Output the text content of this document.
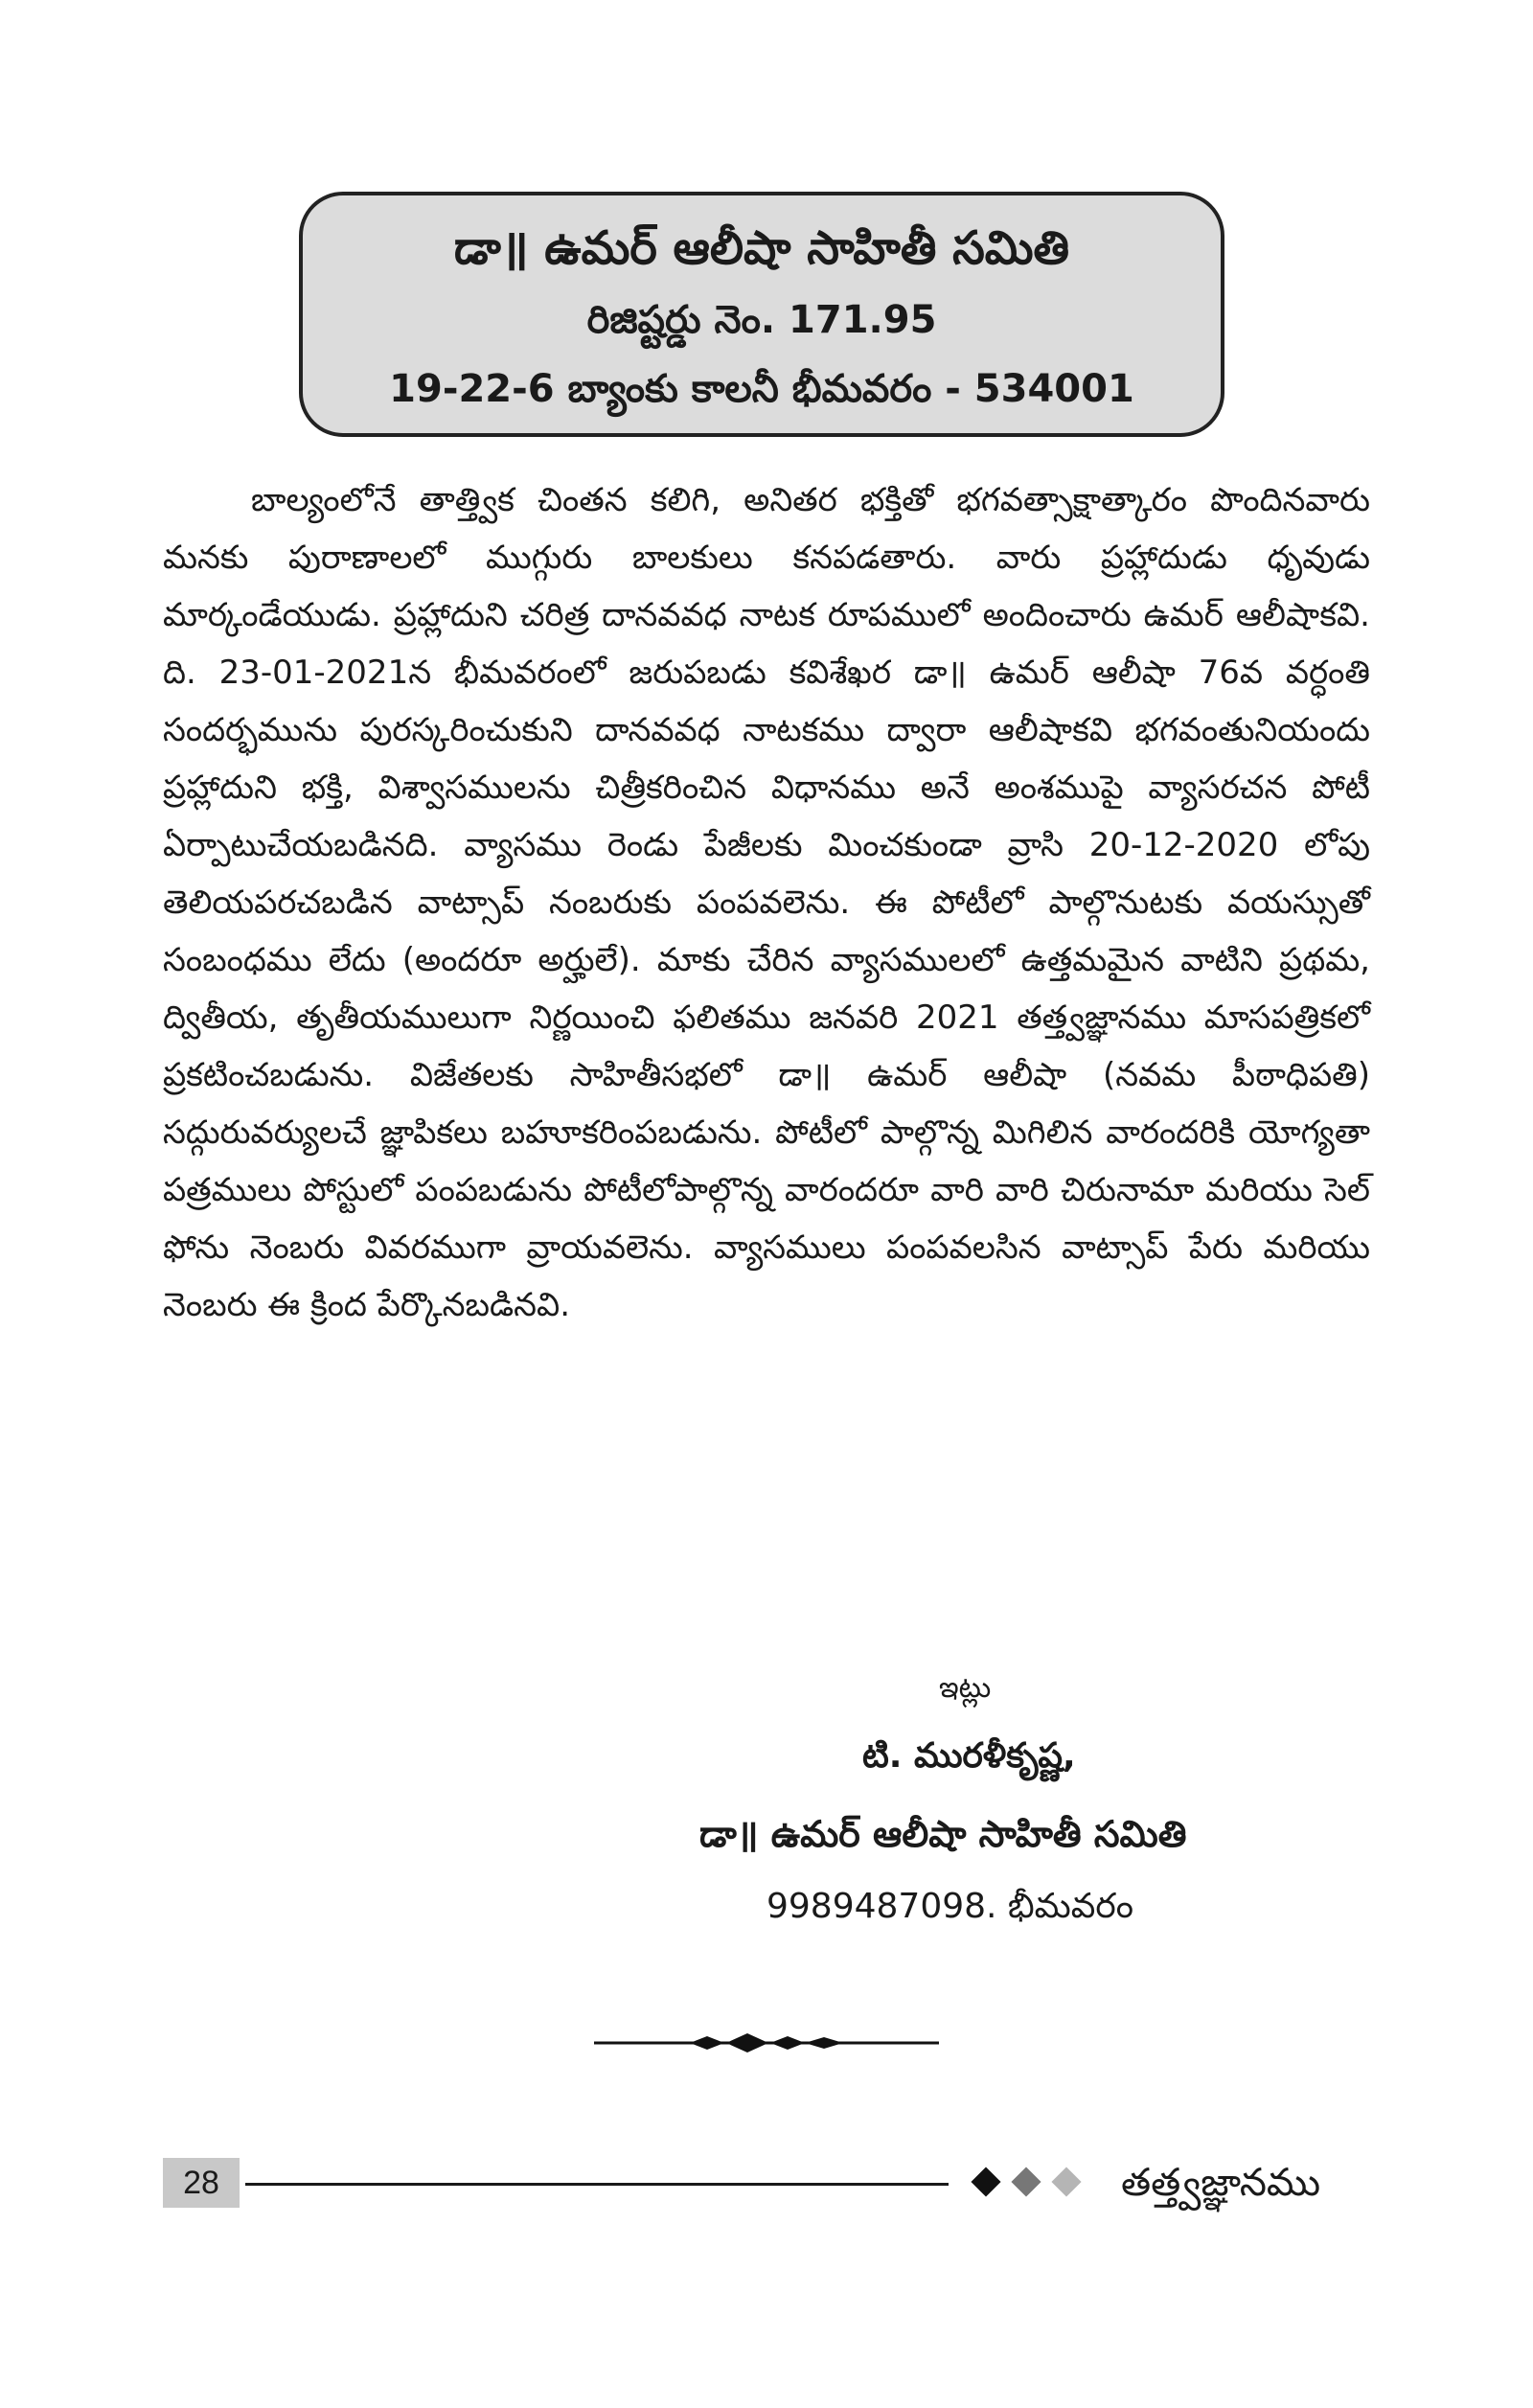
డా॥ ఉమర్ ఆలీషా సాహితీ సమితి
రిజిష్టర్డు నెం. 171.95
19-22-6 బ్యాంకు కాలనీ భీమవరం - 534001

బాల్యంలోనే తాత్త్విక చింతన కలిగి, అనితర భక్తితో భగవత్సాక్షాత్కారం పొందినవారు మనకు పురాణాలలో ముగ్గురు బాలకులు కనపడతారు. వారు ప్రహ్లాదుడు ధృవుడు మార్కండేయుడు. ప్రహ్లాదుని చరిత్ర దానవవధ నాటక రూపములో అందించారు ఉమర్ ఆలీషాకవి. ది. 23-01-2021న భీమవరంలో జరుపబడు కవిశేఖర డా॥ ఉమర్ ఆలీషా 76వ వర్ధంతి సందర్భమును పురస్కరించుకుని దానవవధ నాటకము ద్వారా ఆలీషాకవి భగవంతునియందు ప్రహ్లాదుని భక్తి, విశ్వాసములను చిత్రీకరించిన విధానము అనే అంశముపై వ్యాసరచన పోటీ ఏర్పాటుచేయబడినది. వ్యాసము రెండు పేజీలకు మించకుండా వ్రాసి 20-12-2020 లోపు తెలియపరచబడిన వాట్సాప్ నంబరుకు పంపవలెను. ఈ పోటీలో పాల్గొనుటకు వయస్సుతో సంబంధము లేదు (అందరూ అర్హులే). మాకు చేరిన వ్యాసములలో ఉత్తమమైన వాటిని ప్రథమ, ద్వితీయ, తృతీయములుగా నిర్ణయించి ఫలితము జనవరి 2021 తత్త్వజ్ఞానము మాసపత్రికలో ప్రకటించబడును. విజేతలకు సాహితీసభలో డా॥ ఉమర్ ఆలీషా (నవమ పీఠాధిపతి) సద్గురువర్యులచే జ్ఞాపికలు బహూకరింపబడును. పోటీలో పాల్గొన్న మిగిలిన వారందరికి యోగ్యతా పత్రములు పోస్టులో పంపబడును పోటీలోపాల్గొన్న వారందరూ వారి వారి చిరునామా మరియు సెల్ ఫోను నెంబరు వివరముగా వ్రాయవలెను. వ్యాసములు పంపవలసిన వాట్సాప్ పేరు మరియు నెంబరు ఈ క్రింద పేర్కొనబడినవి.

ఇట్లు
టి. మురళీకృష్ణ,
డా॥ ఉమర్ ఆలీషా సాహితీ సమితి
9989487098. భీమవరం
28	తత్త్వజ్ఞానము
